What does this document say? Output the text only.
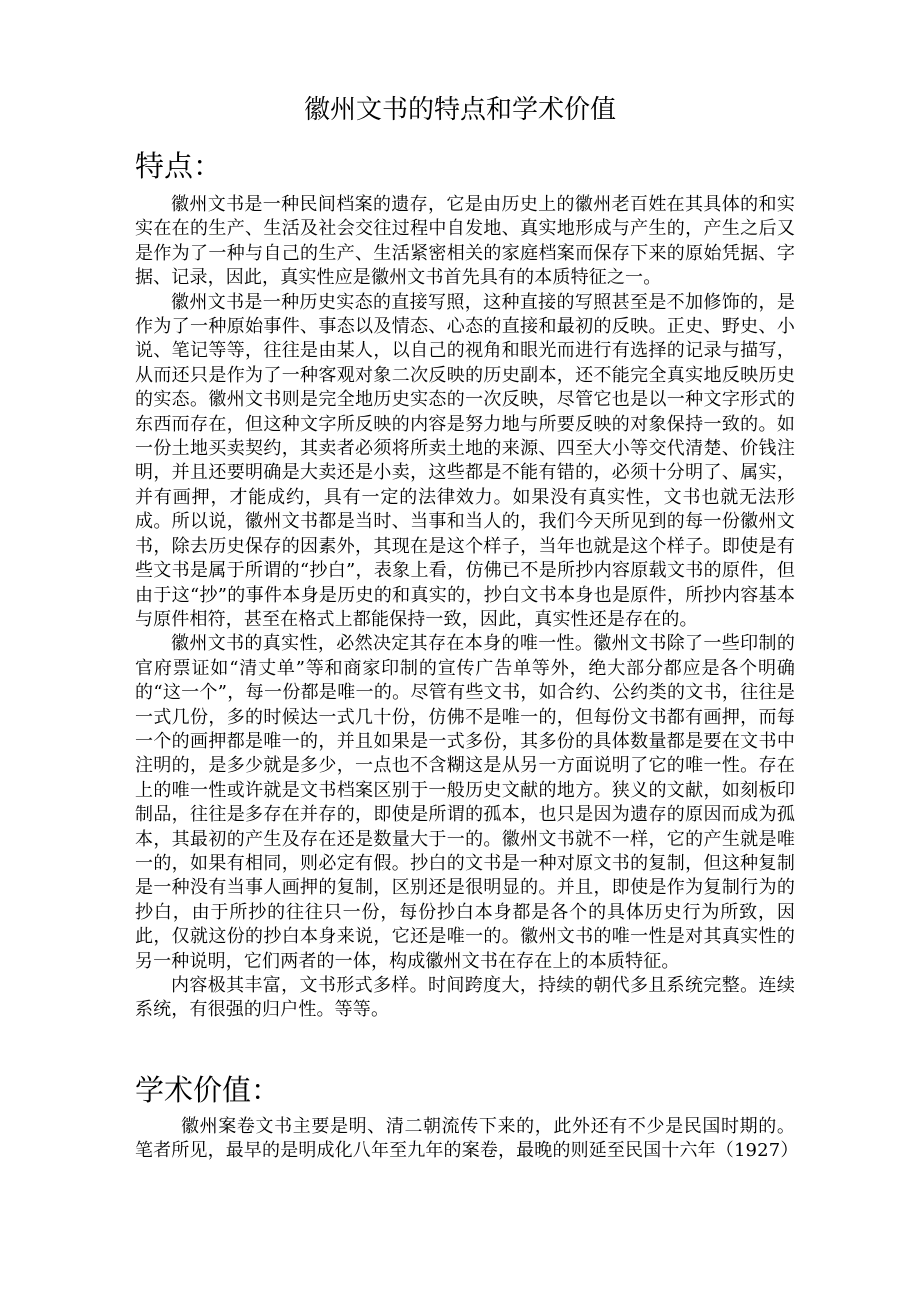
徽州文书的特点和学术价值
特点：

徽州文书是一种民间档案的遗存，它是由历史上的徽州老百姓在其具体的和实实在在的生产、生活及社会交往过程中自发地、真实地形成与产生的，产生之后又是作为了一种与自己的生产、生活紧密相关的家庭档案而保存下来的原始凭据、字据、记录，因此，真实性应是徽州文书首先具有的本质特征之一。

徽州文书是一种历史实态的直接写照，这种直接的写照甚至是不加修饰的，是作为了一种原始事件、事态以及情态、心态的直接和最初的反映。正史、野史、小说、笔记等等，往往是由某人，以自己的视角和眼光而进行有选择的记录与描写，从而还只是作为了一种客观对象二次反映的历史副本，还不能完全真实地反映历史的实态。徽州文书则是完全地历史实态的一次反映，尽管它也是以一种文字形式的东西而存在，但这种文字所反映的内容是努力地与所要反映的对象保持一致的。如一份土地买卖契约，其卖者必须将所卖土地的来源、四至大小等交代清楚、价钱注明，并且还要明确是大卖还是小卖，这些都是不能有错的，必须十分明了、属实，并有画押，才能成约，具有一定的法律效力。如果没有真实性，文书也就无法形成。所以说，徽州文书都是当时、当事和当人的，我们今天所见到的每一份徽州文书，除去历史保存的因素外，其现在是这个样子，当年也就是这个样子。即使是有些文书是属于所谓的“抄白”，表象上看，仿佛已不是所抄内容原载文书的原件，但由于这“抄”的事件本身是历史的和真实的，抄白文书本身也是原件，所抄内容基本与原件相符，甚至在格式上都能保持一致，因此，真实性还是存在的。

徽州文书的真实性，必然决定其存在本身的唯一性。徽州文书除了一些印制的官府票证如“清丈单”等和商家印制的宣传广告单等外，绝大部分都应是各个明确的“这一个”，每一份都是唯一的。尽管有些文书，如合约、公约类的文书，往往是一式几份，多的时候达一式几十份，仿佛不是唯一的，但每份文书都有画押，而每一个的画押都是唯一的，并且如果是一式多份，其多份的具体数量都是要在文书中注明的，是多少就是多少，一点也不含糊这是从另一方面说明了它的唯一性。存在上的唯一性或许就是文书档案区别于一般历史文献的地方。狭义的文献，如刻板印制品，往往是多存在并存的，即使是所谓的孤本，也只是因为遗存的原因而成为孤本，其最初的产生及存在还是数量大于一的。徽州文书就不一样，它的产生就是唯一的，如果有相同，则必定有假。抄白的文书是一种对原文书的复制，但这种复制是一种没有当事人画押的复制，区别还是很明显的。并且，即使是作为复制行为的抄白，由于所抄的往往只一份，每份抄白本身都是各个的具体历史行为所致，因此，仅就这份的抄白本身来说，它还是唯一的。徽州文书的唯一性是对其真实性的另一种说明，它们两者的一体，构成徽州文书在存在上的本质特征。

内容极其丰富，文书形式多样。时间跨度大，持续的朝代多且系统完整。连续系统，有很强的归户性。等等。

学术价值：

徽州案卷文书主要是明、清二朝流传下来的，此外还有不少是民国时期的。笔者所见，最早的是明成化八年至九年的案卷，最晚的则延至民国十六年（1927）
